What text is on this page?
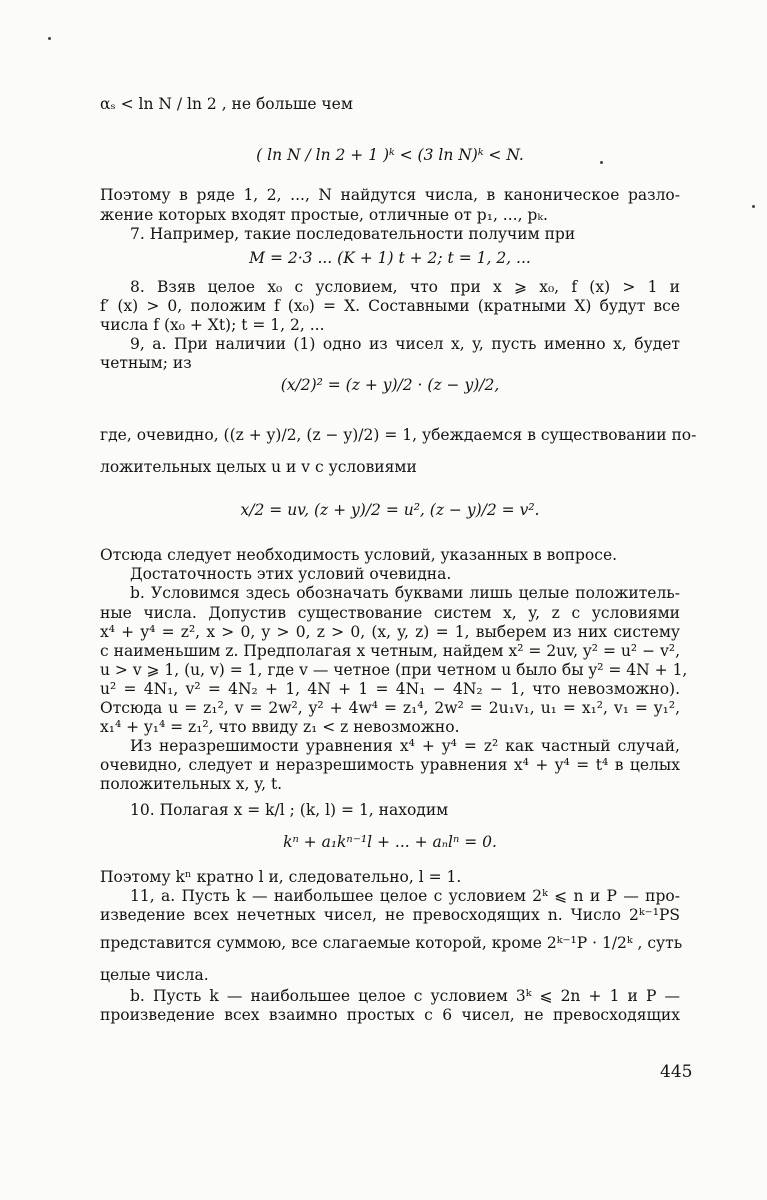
αₛ < ln N / ln 2 , не больше чем
( ln N / ln 2 + 1 )ᵏ < (3 ln N)ᵏ < N.
Поэтому в ряде 1, 2, ..., N найдутся числа, в каноническое разло-
жение которых входят простые, отличные от p₁, ..., pₖ.
7. Например, такие последовательности получим при
M = 2·3 ... (K + 1) t + 2; t = 1, 2, ...
8. Взяв целое x₀ с условием, что при x ⩾ x₀, f (x) > 1 и
f′ (x) > 0, положим f (x₀) = X. Составными (кратными X) будут все
числа f (x₀ + Xt); t = 1, 2, ...
9, a. При наличии (1) одно из чисел x, y, пусть именно x, будет
четным; из
(x/2)² = (z + y)/2 · (z − y)/2,
где, очевидно, ((z + y)/2, (z − y)/2) = 1, убеждаемся в существовании по-
ложительных целых u и v с условиями
x/2 = uv, (z + y)/2 = u², (z − y)/2 = v².
Отсюда следует необходимость условий, указанных в вопросе.
Достаточность этих условий очевидна.
b. Условимся здесь обозначать буквами лишь целые положитель-
ные числа. Допустив существование систем x, y, z с условиями
x⁴ + y⁴ = z², x > 0, y > 0, z > 0, (x, y, z) = 1, выберем из них систему
с наименьшим z. Предполагая x четным, найдем x² = 2uv, y² = u² − v²,
u > v ⩾ 1, (u, v) = 1, где v — четное (при четном u было бы y² = 4N + 1,
u² = 4N₁, v² = 4N₂ + 1, 4N + 1 = 4N₁ − 4N₂ − 1, что невозможно).
Отсюда u = z₁², v = 2w², y² + 4w⁴ = z₁⁴, 2w² = 2u₁v₁, u₁ = x₁², v₁ = y₁²,
x₁⁴ + y₁⁴ = z₁², что ввиду z₁ < z невозможно.
Из неразрешимости уравнения x⁴ + y⁴ = z² как частный случай,
очевидно, следует и неразрешимость уравнения x⁴ + y⁴ = t⁴ в целых
положительных x, y, t.
10. Полагая x = k/l ; (k, l) = 1, находим
kⁿ + a₁kⁿ⁻¹l + ... + aₙlⁿ = 0.
Поэтому kⁿ кратно l и, следовательно, l = 1.
11, a. Пусть k — наибольшее целое с условием 2ᵏ ⩽ n и P — про-
изведение всех нечетных чисел, не превосходящих n. Число 2ᵏ⁻¹PS
представится суммою, все слагаемые которой, кроме 2ᵏ⁻¹P · 1/2ᵏ , суть
целые числа.
b. Пусть k — наибольшее целое с условием 3ᵏ ⩽ 2n + 1 и P —
произведение всех взаимно простых с 6 чисел, не превосходящих
445
